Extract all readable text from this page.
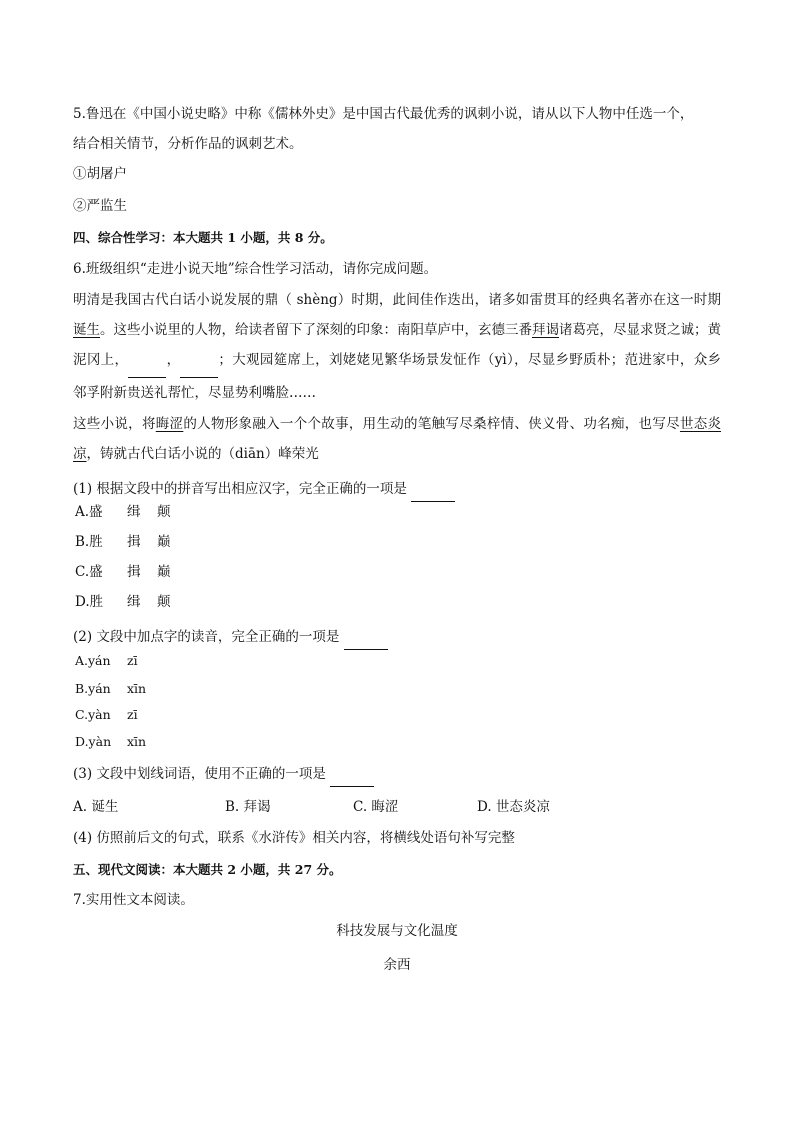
5.鲁迅在《中国小说史略》中称《儒林外史》是中国古代最优秀的讽刺小说，请从以下人物中任选一个，
结合相关情节，分析作品的讽刺艺术。
①胡屠户
②严监生
四、综合性学习：本大题共 1 小题，共 8 分。
6.班级组织“走进小说天地”综合性学习活动，请你完成问题。
明清是我国古代白话小说发展的鼎（ shèng）时期，此间佳作迭出，诸多如雷贯耳的经典名著亦在这一时期诞生。这些小说里的人物，给读者留下了深刻的印象：南阳草庐中，玄德三番拜谒诸葛亮，尽显求贤之诚；黄泥冈上，	，	；大观园筵席上，刘姥姥见繁华场景发怔作（yì），尽显乡野质朴；范进家中，众乡邻孚附新贵送礼帮忙，尽显势利嘴脸……
这些小说，将晦涩的人物形象融入一个个故事，用生动的笔触写尽桑梓情、侠义骨、功名痴，也写尽世态炎凉，铸就古代白话小说的（diān）峰荣光
(1) 根据文段中的拼音写出相应汉字，完全正确的一项是
A.盛 缉 颠
B.胜 揖 巅
C.盛 揖 巅
D.胜 缉 颠
(2) 文段中加点字的读音，完全正确的一项是
A.yán zī
B.yán xīn
C.yàn zī
D.yàn xīn
(3) 文段中划线词语，使用不正确的一项是
A. 诞生	B. 拜谒	C. 晦涩	D. 世态炎凉
(4) 仿照前后文的句式，联系《水浒传》相关内容，将横线处语句补写完整
五、现代文阅读：本大题共 2 小题，共 27 分。
7.实用性文本阅读。
科技发展与文化温度
余西
